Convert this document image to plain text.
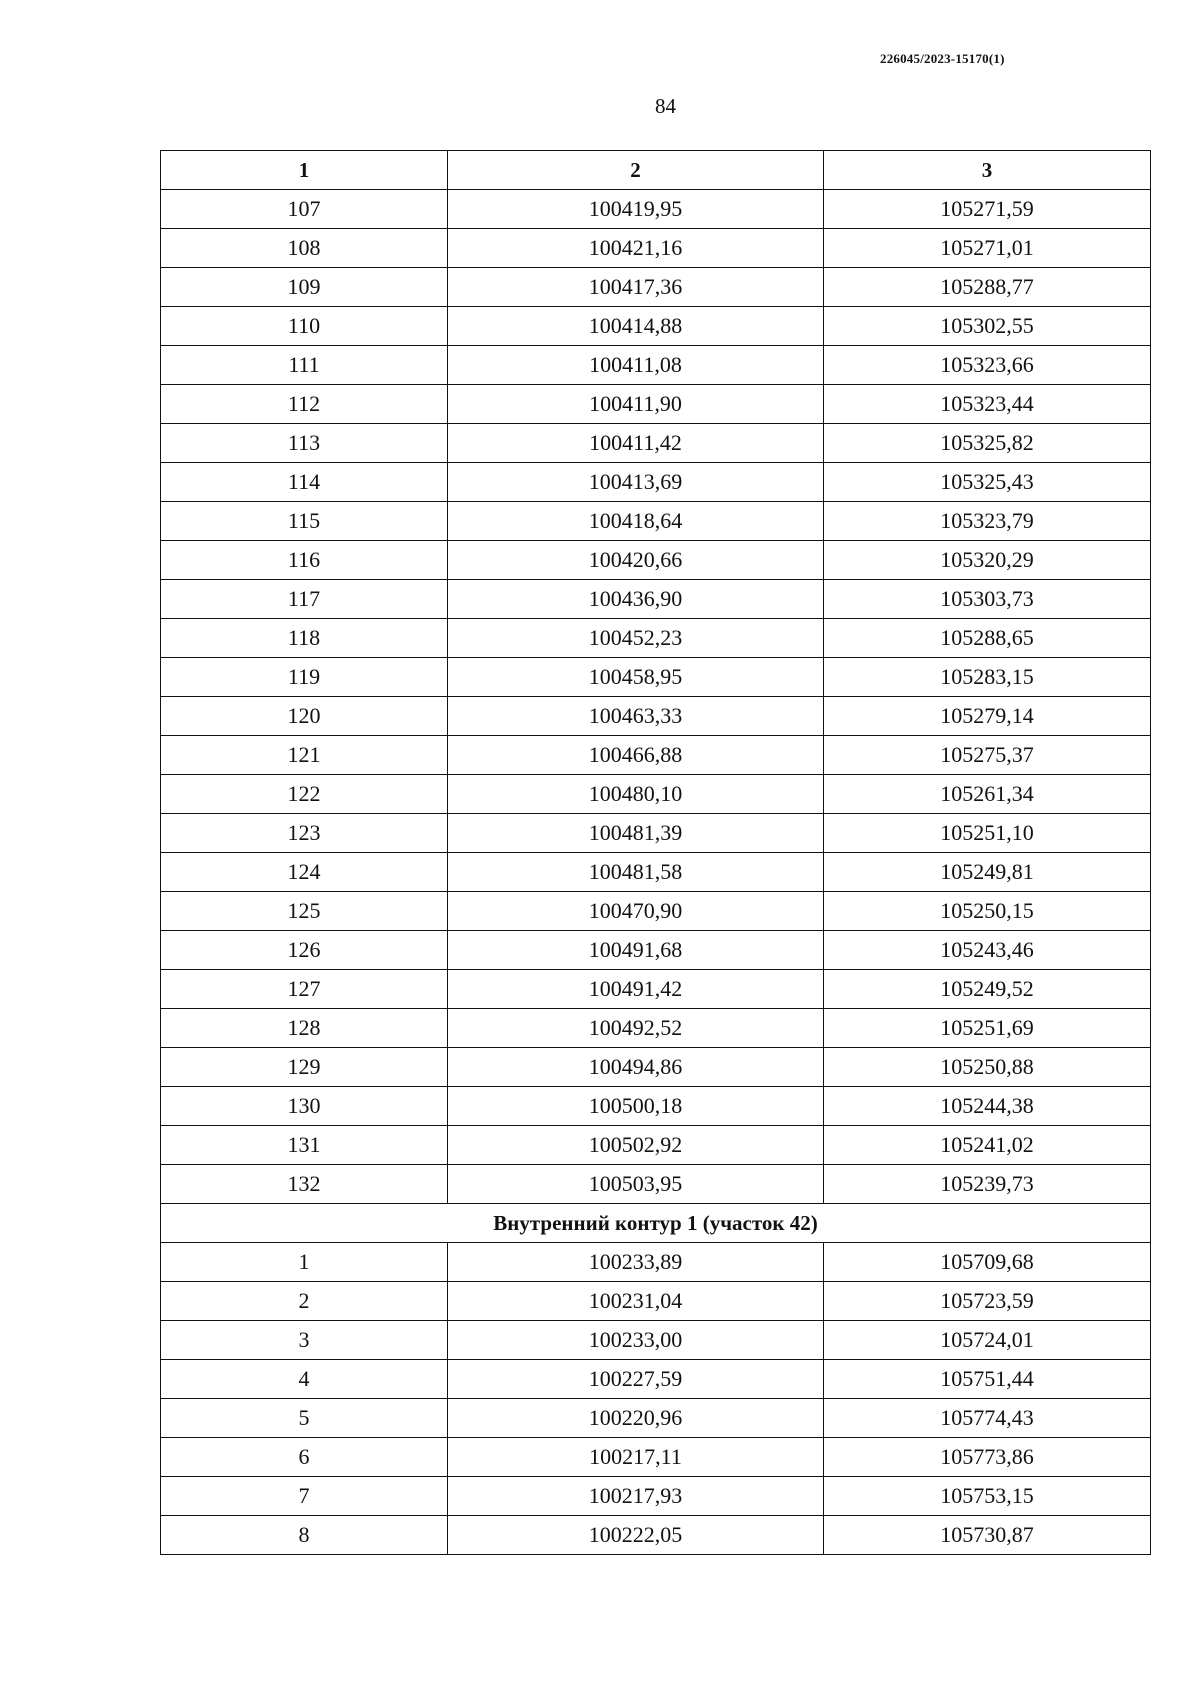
226045/2023-15170(1)
84
1	2	3
107	100419,95	105271,59
108	100421,16	105271,01
109	100417,36	105288,77
110	100414,88	105302,55
111	100411,08	105323,66
112	100411,90	105323,44
113	100411,42	105325,82
114	100413,69	105325,43
115	100418,64	105323,79
116	100420,66	105320,29
117	100436,90	105303,73
118	100452,23	105288,65
119	100458,95	105283,15
120	100463,33	105279,14
121	100466,88	105275,37
122	100480,10	105261,34
123	100481,39	105251,10
124	100481,58	105249,81
125	100470,90	105250,15
126	100491,68	105243,46
127	100491,42	105249,52
128	100492,52	105251,69
129	100494,86	105250,88
130	100500,18	105244,38
131	100502,92	105241,02
132	100503,95	105239,73
Внутренний контур 1 (участок 42)		
1	100233,89	105709,68
2	100231,04	105723,59
3	100233,00	105724,01
4	100227,59	105751,44
5	100220,96	105774,43
6	100217,11	105773,86
7	100217,93	105753,15
8	100222,05	105730,87
